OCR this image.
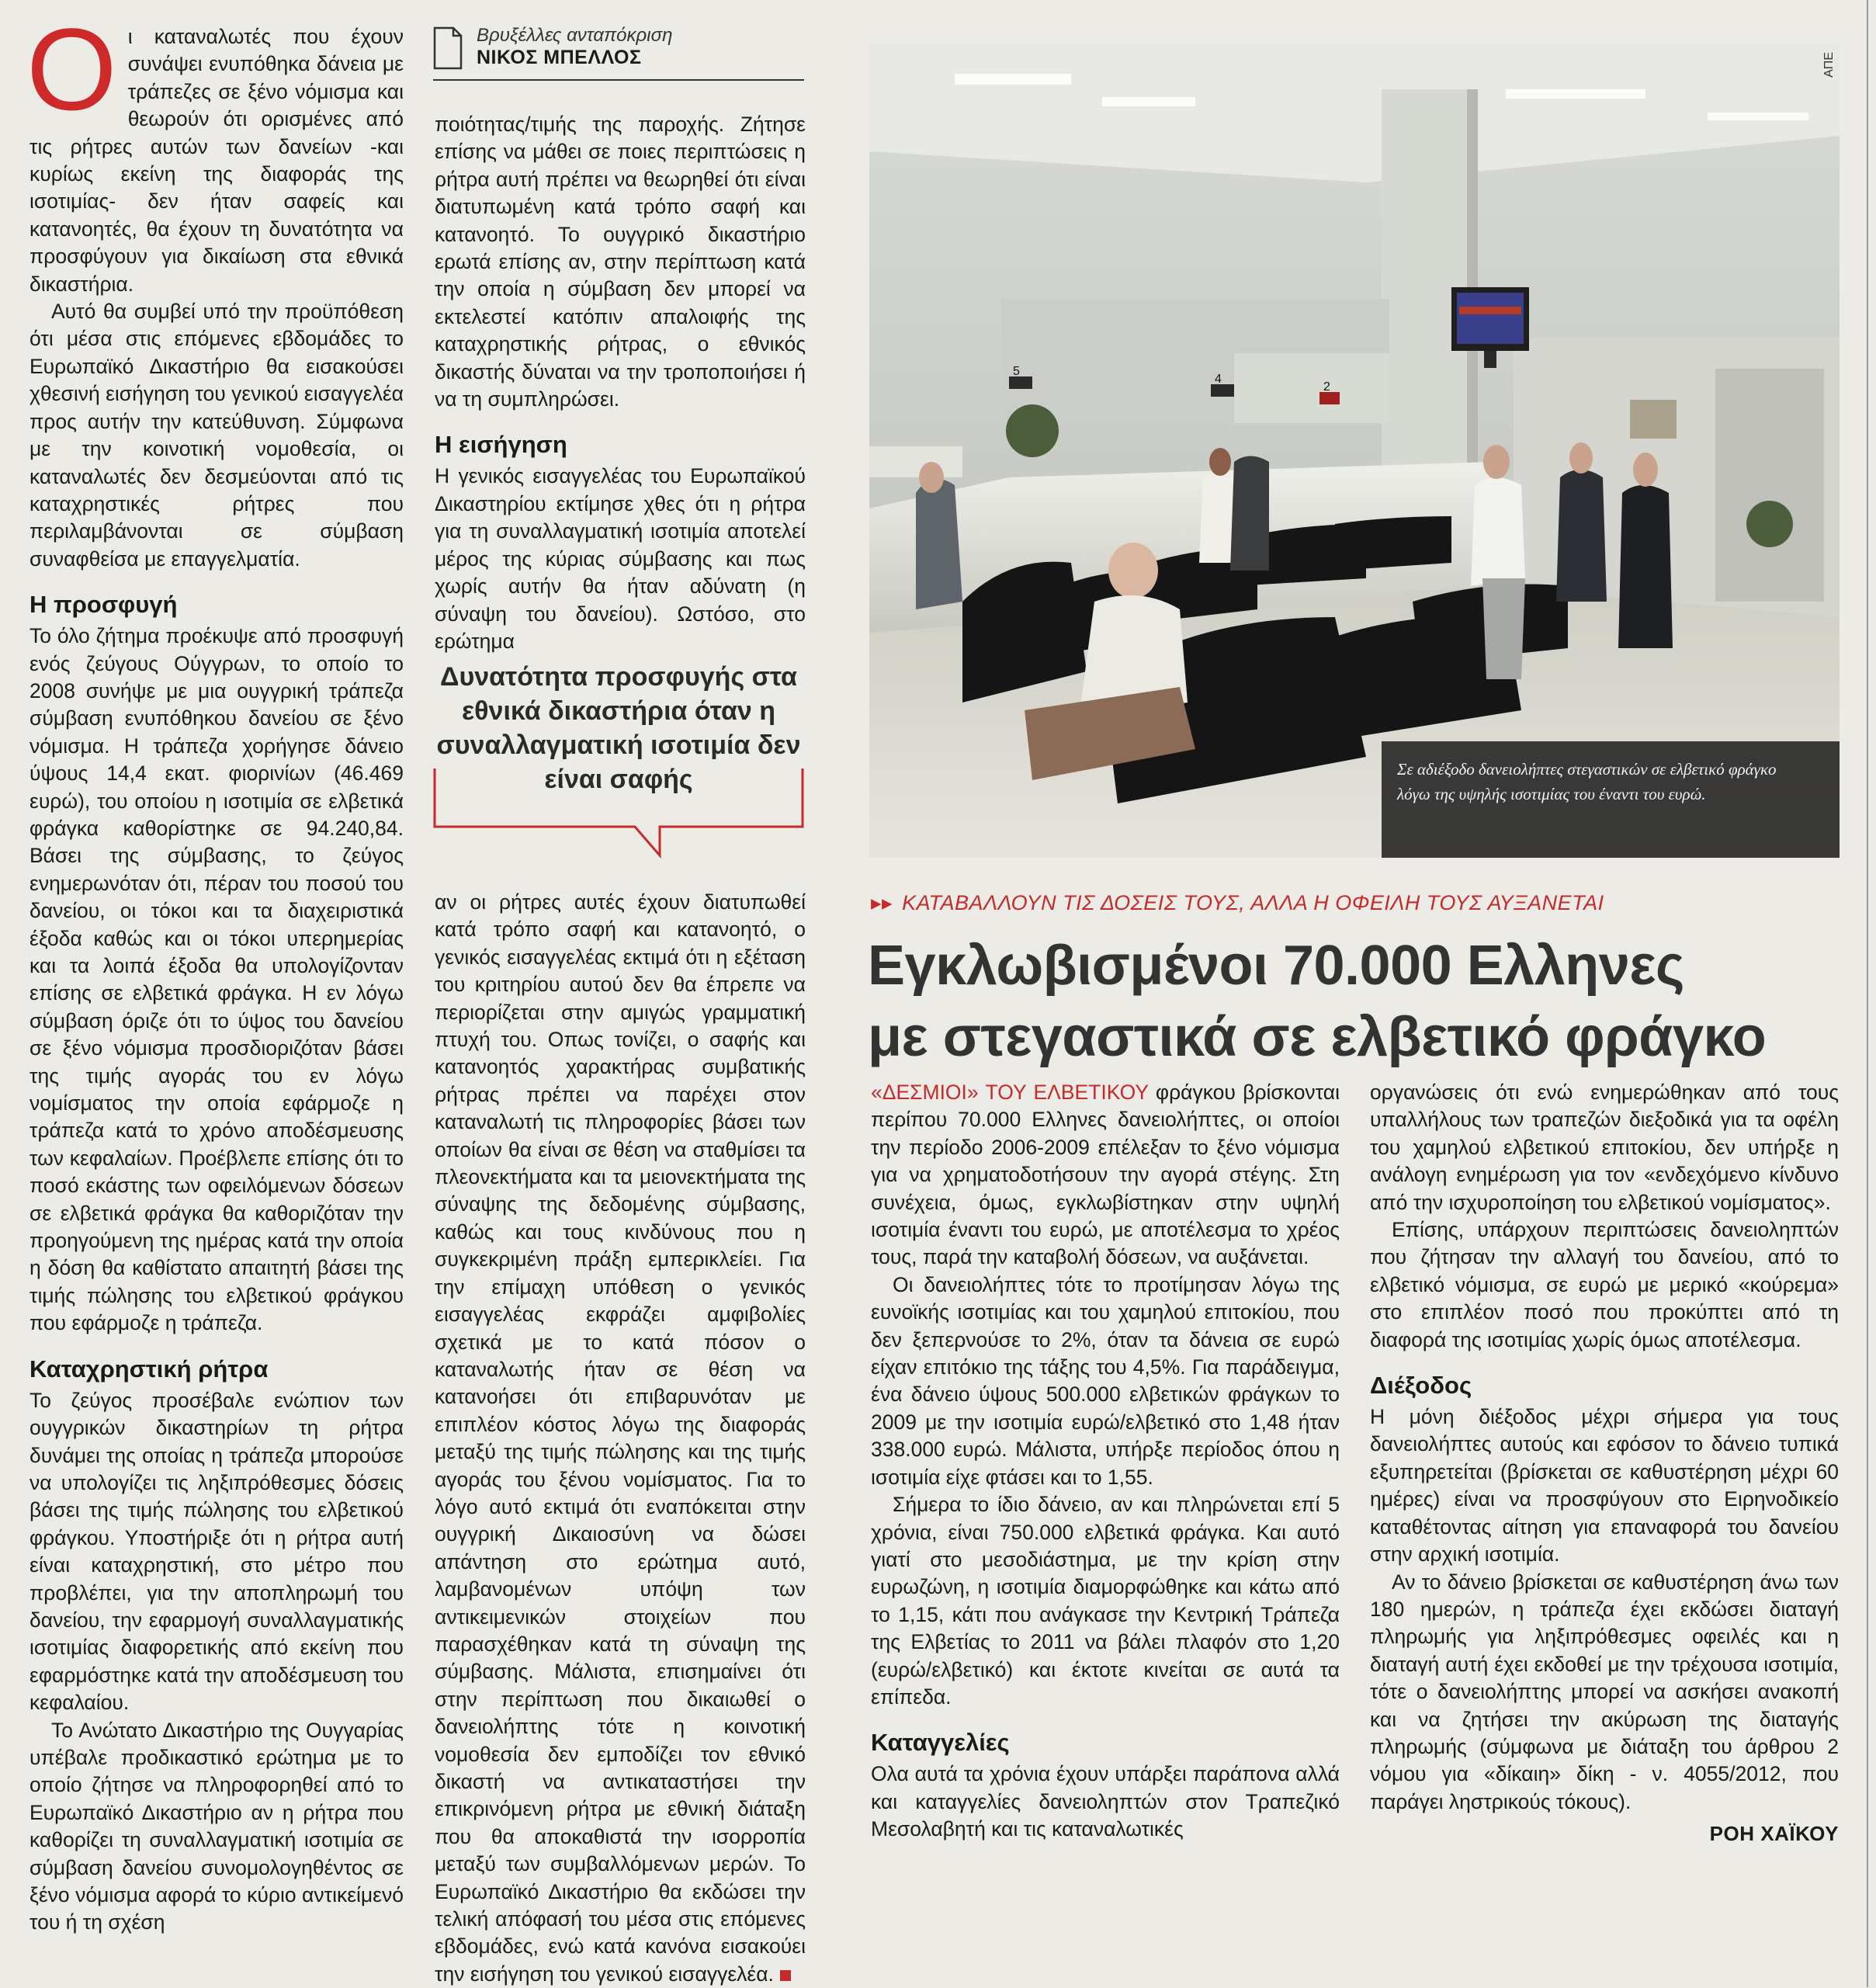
Οι καταναλωτές που έχουν συνάψει ενυπόθηκα δάνεια με τράπεζες σε ξένο νόμισμα και θεωρούν ότι ορισμένες από τις ρήτρες αυτών των δανείων -και κυρίως εκείνη της διαφοράς της ισοτιμίας- δεν ήταν σαφείς και κατανοητές, θα έχουν τη δυνατότητα να προσφύγουν για δικαίωση στα εθνικά δικαστήρια.

Αυτό θα συμβεί υπό την προϋπόθεση ότι μέσα στις επόμενες εβδομάδες το Ευρωπαϊκό Δικαστήριο θα εισακούσει χθεσινή εισήγηση του γενικού εισαγγελέα προς αυτήν την κατεύθυνση. Σύμφωνα με την κοινοτική νομοθεσία, οι καταναλωτές δεν δεσμεύονται από τις καταχρηστικές ρήτρες που περιλαμβάνονται σε σύμβαση συναφθείσα με επαγγελματία.

Η προσφυγή

Το όλο ζήτημα προέκυψε από προσφυγή ενός ζεύγους Ούγγρων, το οποίο το 2008 συνήψε με μια ουγγρική τράπεζα σύμβαση ενυπόθηκου δανείου σε ξένο νόμισμα. Η τράπεζα χορήγησε δάνειο ύψους 14,4 εκατ. φιορινίων (46.469 ευρώ), του οποίου η ισοτιμία σε ελβετικά φράγκα καθορίστηκε σε 94.240,84. Βάσει της σύμβασης, το ζεύγος ενημερωνόταν ότι, πέραν του ποσού του δανείου, οι τόκοι και τα διαχειριστικά έξοδα καθώς και οι τόκοι υπερημερίας και τα λοιπά έξοδα θα υπολογίζονταν επίσης σε ελβετικά φράγκα. Η εν λόγω σύμβαση όριζε ότι το ύψος του δανείου σε ξένο νόμισμα προσδιοριζόταν βάσει της τιμής αγοράς του εν λόγω νομίσματος την οποία εφάρμοζε η τράπεζα κατά το χρόνο αποδέσμευσης των κεφαλαίων. Προέβλεπε επίσης ότι το ποσό εκάστης των οφειλόμενων δόσεων σε ελβετικά φράγκα θα καθοριζόταν την προηγούμενη της ημέρας κατά την οποία η δόση θα καθίστατο απαιτητή βάσει της τιμής πώλησης του ελβετικού φράγκου που εφάρμοζε η τράπεζα.

Καταχρηστική ρήτρα

Το ζεύγος προσέβαλε ενώπιον των ουγγρικών δικαστηρίων τη ρήτρα δυνάμει της οποίας η τράπεζα μπορούσε να υπολογίζει τις ληξιπρόθεσμες δόσεις βάσει της τιμής πώλησης του ελβετικού φράγκου. Υποστήριξε ότι η ρήτρα αυτή είναι καταχρηστική, στο μέτρο που προβλέπει, για την αποπληρωμή του δανείου, την εφαρμογή συναλλαγματικής ισοτιμίας διαφορετικής από εκείνη που εφαρμόστηκε κατά την αποδέσμευση του κεφαλαίου.

Το Ανώτατο Δικαστήριο της Ουγγαρίας υπέβαλε προδικαστικό ερώτημα με το οποίο ζήτησε να πληροφορηθεί από το Ευρωπαϊκό Δικαστήριο αν η ρήτρα που καθορίζει τη συναλλαγματική ισοτιμία σε σύμβαση δανείου συνομολογηθέντος σε ξένο νόμισμα αφορά το κύριο αντικείμενό του ή τη σχέση

Βρυξέλλες ανταπόκριση
ΝΙΚΟΣ ΜΠΕΛΛΟΣ

ποιότητας/τιμής της παροχής. Ζήτησε επίσης να μάθει σε ποιες περιπτώσεις η ρήτρα αυτή πρέπει να θεωρηθεί ότι είναι διατυπωμένη κατά τρόπο σαφή και κατανοητό. Το ουγγρικό δικαστήριο ερωτά επίσης αν, στην περίπτωση κατά την οποία η σύμβαση δεν μπορεί να εκτελεστεί κατόπιν απαλοιφής της καταχρηστικής ρήτρας, ο εθνικός δικαστής δύναται να την τροποποιήσει ή να τη συμπληρώσει.

Η εισήγηση

Η γενικός εισαγγελέας του Ευρωπαϊκού Δικαστηρίου εκτίμησε χθες ότι η ρήτρα για τη συναλλαγματική ισοτιμία αποτελεί μέρος της κύριας σύμβασης και πως χωρίς αυτήν θα ήταν αδύνατη (η σύναψη του δανείου). Ωστόσο, στο ερώτημα

Δυνατότητα προσφυγής στα εθνικά δικαστήρια όταν η συναλλαγματική ισοτιμία δεν είναι σαφής

αν οι ρήτρες αυτές έχουν διατυπωθεί κατά τρόπο σαφή και κατανοητό, ο γενικός εισαγγελέας εκτιμά ότι η εξέταση του κριτηρίου αυτού δεν θα έπρεπε να περιορίζεται στην αμιγώς γραμματική πτυχή του. Οπως τονίζει, ο σαφής και κατανοητός χαρακτήρας συμβατικής ρήτρας πρέπει να παρέχει στον καταναλωτή τις πληροφορίες βάσει των οποίων θα είναι σε θέση να σταθμίσει τα πλεονεκτήματα και τα μειονεκτήματα της σύναψης της δεδομένης σύμβασης, καθώς και τους κινδύνους που η συγκεκριμένη πράξη εμπερικλείει. Για την επίμαχη υπόθεση ο γενικός εισαγγελέας εκφράζει αμφιβολίες σχετικά με το κατά πόσον ο καταναλωτής ήταν σε θέση να κατανοήσει ότι επιβαρυνόταν με επιπλέον κόστος λόγω της διαφοράς μεταξύ της τιμής πώλησης και της τιμής αγοράς του ξένου νομίσματος. Για το λόγο αυτό εκτιμά ότι εναπόκειται στην ουγγρική Δικαιοσύνη να δώσει απάντηση στο ερώτημα αυτό, λαμβανομένων υπόψη των αντικειμενικών στοιχείων που παρασχέθηκαν κατά τη σύναψη της σύμβασης. Μάλιστα, επισημαίνει ότι στην περίπτωση που δικαιωθεί ο δανειολήπτης τότε η κοινοτική νομοθεσία δεν εμποδίζει τον εθνικό δικαστή να αντικαταστήσει την επικρινόμενη ρήτρα με εθνική διάταξη που θα αποκαθιστά την ισορροπία μεταξύ των συμβαλλόμενων μερών. Το Ευρωπαϊκό Δικαστήριο θα εκδώσει την τελική απόφασή του μέσα στις επόμενες εβδομάδες, ενώ κατά κανόνα εισακούει την εισήγηση του γενικού εισαγγελέα.

5
4
2
ΑΠΕ
Σε αδιέξοδο δανειολήπτες στεγαστικών σε ελβετικό φράγκο λόγω της υψηλής ισοτιμίας του έναντι του ευρώ.
▸▸ ΚΑΤΑΒΑΛΛΟΥΝ ΤΙΣ ΔΟΣΕΙΣ ΤΟΥΣ, ΑΛΛΑ Η ΟΦΕΙΛΗ ΤΟΥΣ ΑΥΞΑΝΕΤΑΙ
Εγκλωβισμένοι 70.000 Ελληνες
με στεγαστικά σε ελβετικό φράγκο

«ΔΕΣΜΙΟΙ» ΤΟΥ ΕΛΒΕΤΙΚΟΥ φράγκου βρίσκονται περίπου 70.000 Ελληνες δανειολήπτες, οι οποίοι την περίοδο 2006-2009 επέλεξαν το ξένο νόμισμα για να χρηματοδοτήσουν την αγορά στέγης. Στη συνέχεια, όμως, εγκλωβίστηκαν στην υψηλή ισοτιμία έναντι του ευρώ, με αποτέλεσμα το χρέος τους, παρά την καταβολή δόσεων, να αυξάνεται.

Οι δανειολήπτες τότε το προτίμησαν λόγω της ευνοϊκής ισοτιμίας και του χαμηλού επιτοκίου, που δεν ξεπερνούσε το 2%, όταν τα δάνεια σε ευρώ είχαν επιτόκιο της τάξης του 4,5%. Για παράδειγμα, ένα δάνειο ύψους 500.000 ελβετικών φράγκων το 2009 με την ισοτιμία ευρώ/ελβετικό στο 1,48 ήταν 338.000 ευρώ. Μάλιστα, υπήρξε περίοδος όπου η ισοτιμία είχε φτάσει και το 1,55.

Σήμερα το ίδιο δάνειο, αν και πληρώνεται επί 5 χρόνια, είναι 750.000 ελβετικά φράγκα. Και αυτό γιατί στο μεσοδιάστημα, με την κρίση στην ευρωζώνη, η ισοτιμία διαμορφώθηκε και κάτω από το 1,15, κάτι που ανάγκασε την Κεντρική Τράπεζα της Ελβετίας το 2011 να βάλει πλαφόν στο 1,20 (ευρώ/ελβετικό) και έκτοτε κινείται σε αυτά τα επίπεδα.

Καταγγελίες

Ολα αυτά τα χρόνια έχουν υπάρξει παράπονα αλλά και καταγγελίες δανειοληπτών στον Τραπεζικό Μεσολαβητή και τις καταναλωτικές

οργανώσεις ότι ενώ ενημερώθηκαν από τους υπαλλήλους των τραπεζών διεξοδικά για τα οφέλη του χαμηλού ελβετικού επιτοκίου, δεν υπήρξε η ανάλογη ενημέρωση για τον «ενδεχόμενο κίνδυνο από την ισχυροποίηση του ελβετικού νομίσματος».

Επίσης, υπάρχουν περιπτώσεις δανειοληπτών που ζήτησαν την αλλαγή του δανείου, από το ελβετικό νόμισμα, σε ευρώ με μερικό «κούρεμα» στο επιπλέον ποσό που προκύπτει από τη διαφορά της ισοτιμίας χωρίς όμως αποτέλεσμα.

Διέξοδος

Η μόνη διέξοδος μέχρι σήμερα για τους δανειολήπτες αυτούς και εφόσον το δάνειο τυπικά εξυπηρετείται (βρίσκεται σε καθυστέρηση μέχρι 60 ημέρες) είναι να προσφύγουν στο Ειρηνοδικείο καταθέτοντας αίτηση για επαναφορά του δανείου στην αρχική ισοτιμία.

Αν το δάνειο βρίσκεται σε καθυστέρηση άνω των 180 ημερών, η τράπεζα έχει εκδώσει διαταγή πληρωμής για ληξιπρόθεσμες οφειλές και η διαταγή αυτή έχει εκδοθεί με την τρέχουσα ισοτιμία, τότε ο δανειολήπτης μπορεί να ασκήσει ανακοπή και να ζητήσει την ακύρωση της διαταγής πληρωμής (σύμφωνα με διάταξη του άρθρου 2 νόμου για «δίκαιη» δίκη - ν. 4055/2012, που παράγει ληστρικούς τόκους).

ΡΟΗ ΧΑΪΚΟΥ
